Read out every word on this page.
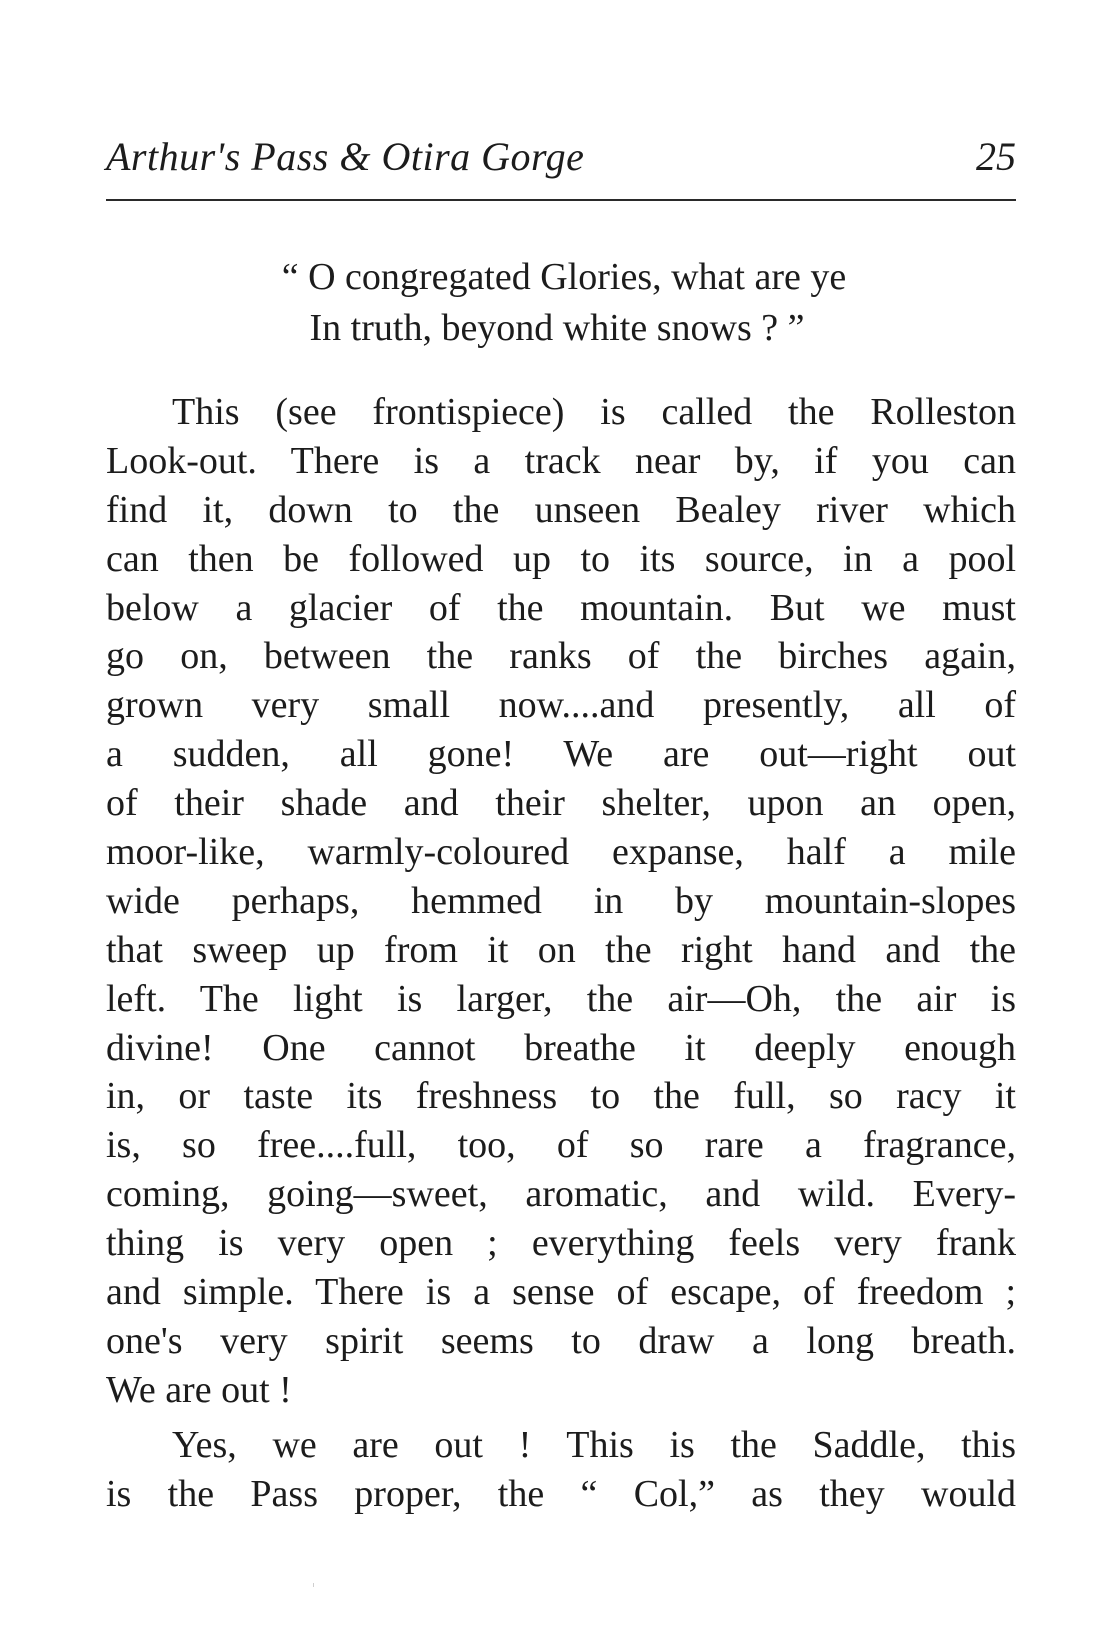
Arthur's Pass & Otira Gorge	25
“ O congregated Glories, what are ye
In truth, beyond white snows ? ”
This (see frontispiece) is called the Rolleston
Look-out. There is a track near by, if you can
find it, down to the unseen Bealey river which
can then be followed up to its source, in a pool
below a glacier of the mountain. But we must
go on, between the ranks of the birches again,
grown very small now....and presently, all of
a sudden, all gone! We are out—right out
of their shade and their shelter, upon an open,
moor-like, warmly-coloured expanse, half a mile
wide perhaps, hemmed in by mountain-slopes
that sweep up from it on the right hand and the
left. The light is larger, the air—Oh, the air is
divine! One cannot breathe it deeply enough
in, or taste its freshness to the full, so racy it
is, so free....full, too, of so rare a fragrance,
coming, going—sweet, aromatic, and wild. Every-
thing is very open ; everything feels very frank
and simple. There is a sense of escape, of freedom ;
one's very spirit seems to draw a long breath.
We are out !
Yes, we are out ! This is the Saddle, this
is the Pass proper, the “ Col,” as they would
